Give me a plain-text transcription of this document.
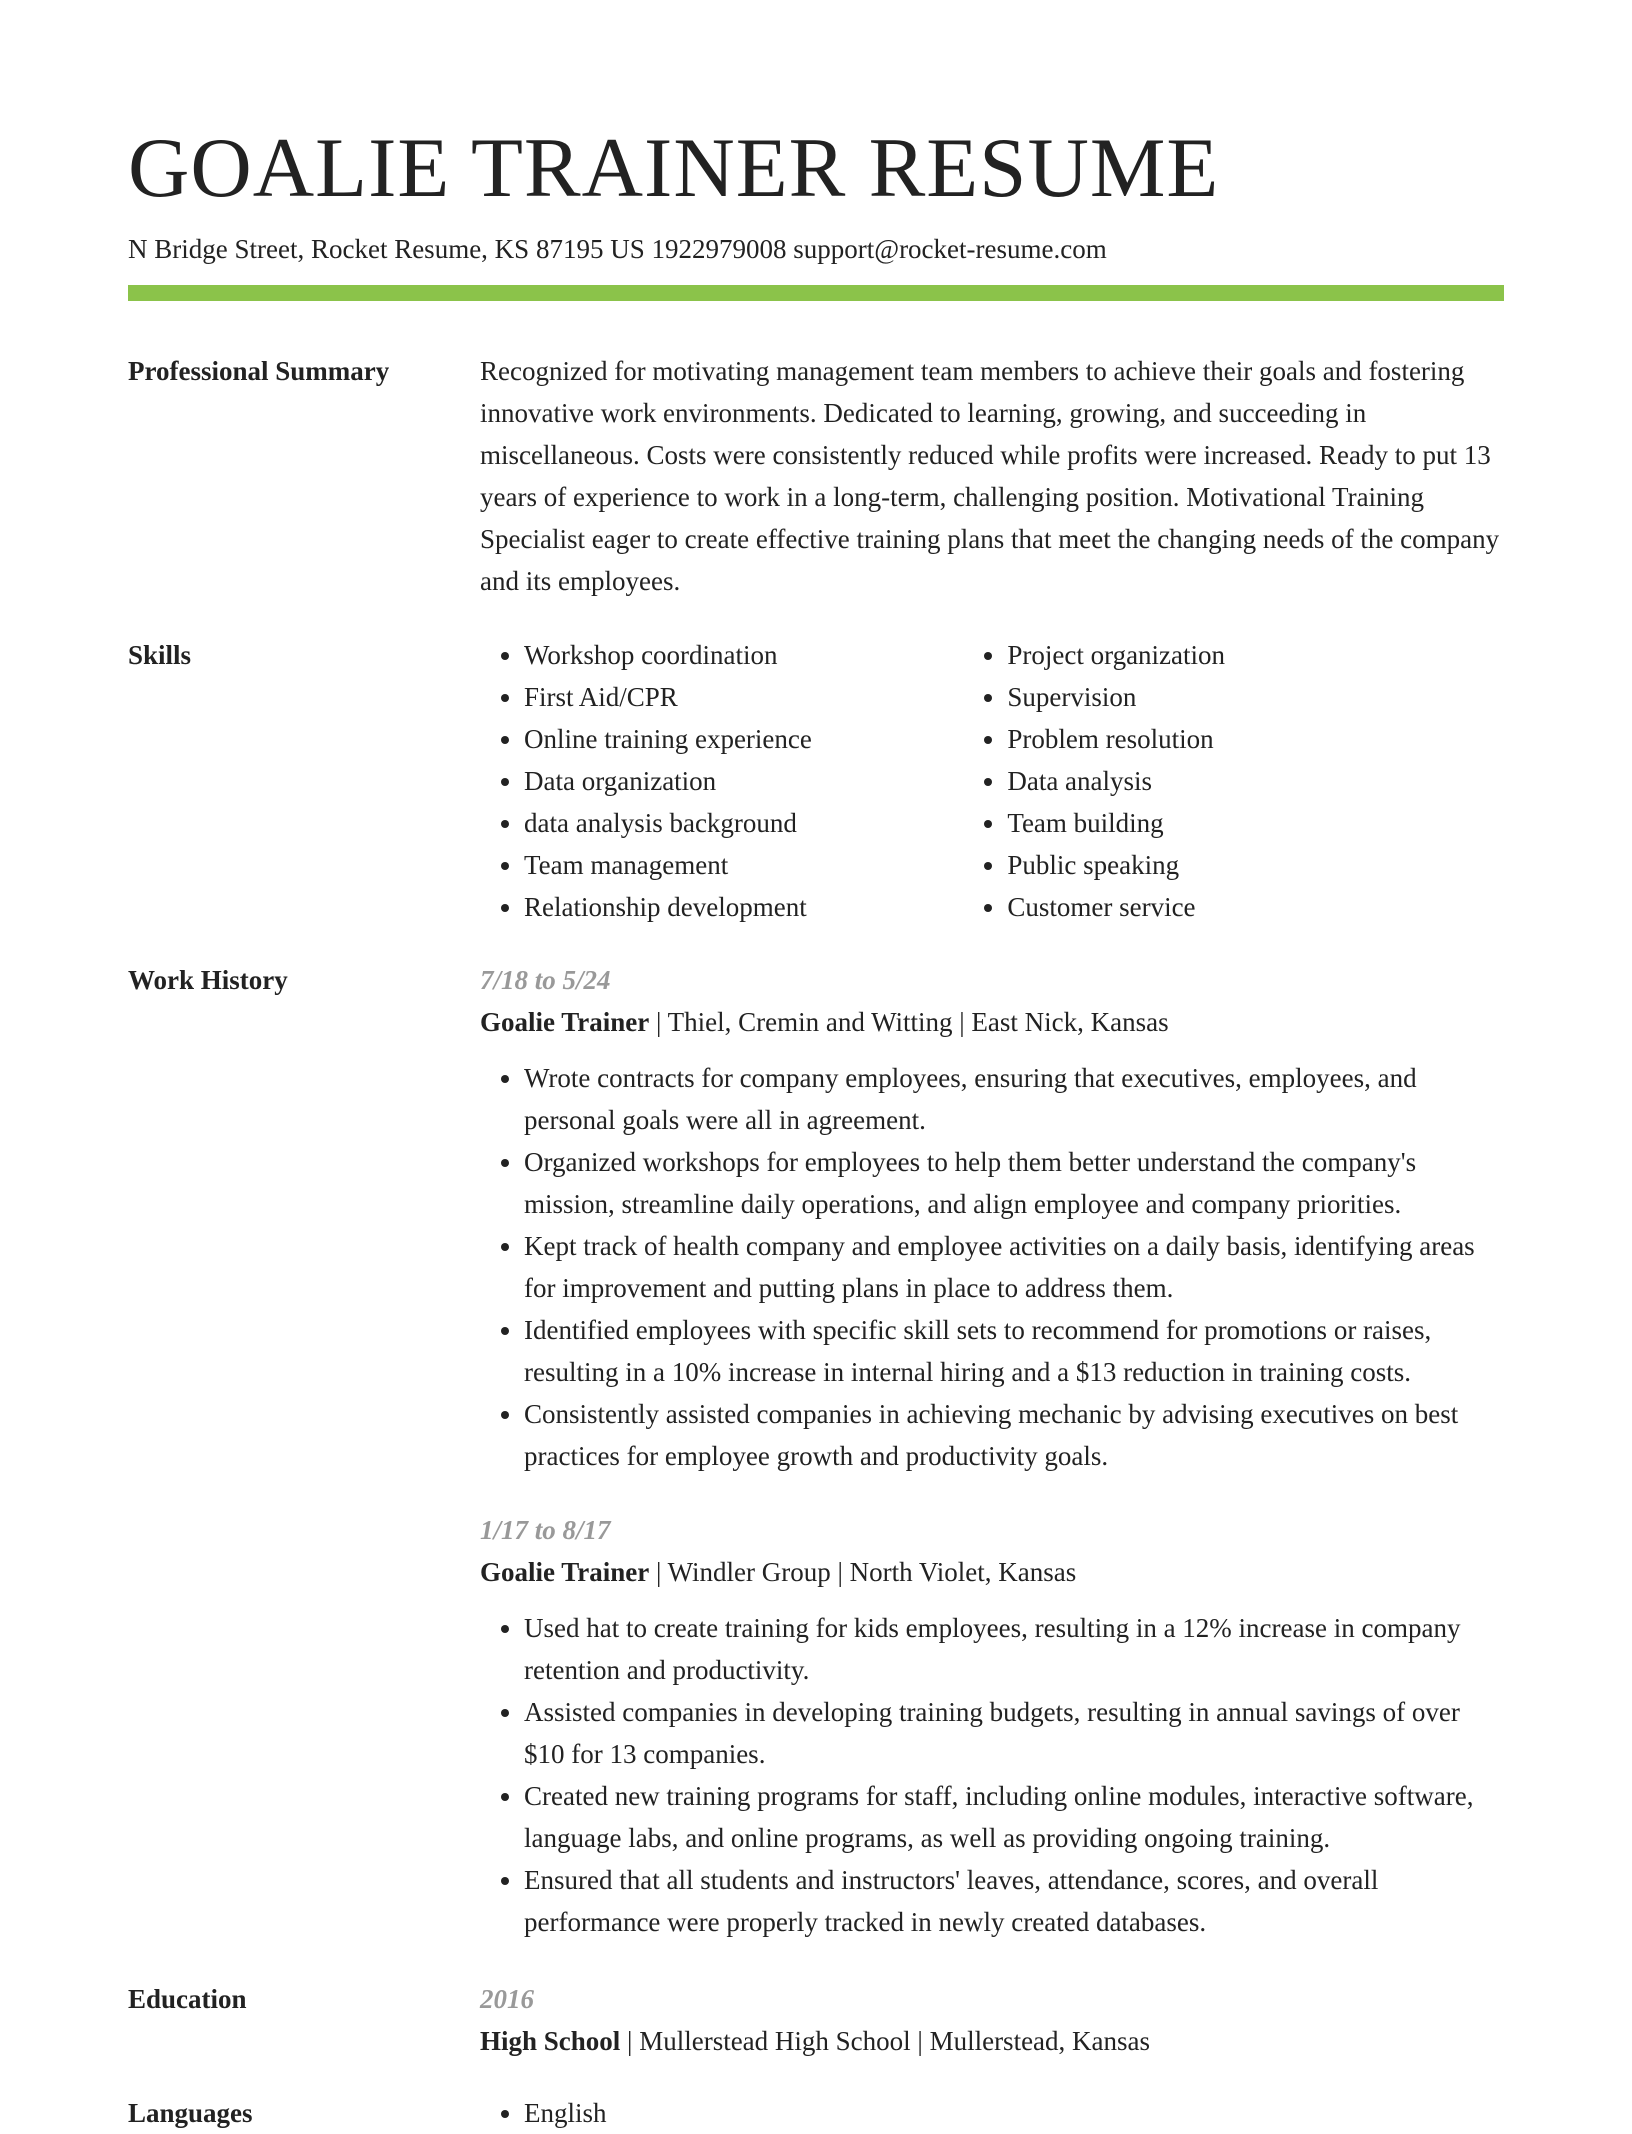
GOALIE TRAINER RESUME
N Bridge Street, Rocket Resume, KS 87195 US 1922979008 support@rocket-resume.com
Professional Summary	Recognized for motivating management team members to achieve their goals and fostering innovative work environments. Dedicated to learning, growing, and succeeding in miscellaneous. Costs were consistently reduced while profits were increased. Ready to put 13 years of experience to work in a long-term, challenging position. Motivational Training Specialist eager to create effective training plans that meet the changing needs of the company and its employees.

Skills	• Workshop coordination
• First Aid/CPR
• Online training experience
• Data organization
• data analysis background
• Team management
• Relationship development
• Project organization
• Supervision
• Problem resolution
• Data analysis
• Team building
• Public speaking
• Customer service
Work History	7/18 to 5/24

Goalie Trainer | Thiel, Cremin and Witting | East Nick, Kansas

• Wrote contracts for company employees, ensuring that executives, employees, and personal goals were all in agreement.
• Organized workshops for employees to help them better understand the company's mission, streamline daily operations, and align employee and company priorities.
• Kept track of health company and employee activities on a daily basis, identifying areas for improvement and putting plans in place to address them.
• Identified employees with specific skill sets to recommend for promotions or raises, resulting in a 10% increase in internal hiring and a $13 reduction in training costs.
• Consistently assisted companies in achieving mechanic by advising executives on best practices for employee growth and productivity goals.

1/17 to 8/17

Goalie Trainer | Windler Group | North Violet, Kansas

• Used hat to create training for kids employees, resulting in a 12% increase in company retention and productivity.
• Assisted companies in developing training budgets, resulting in annual savings of over $10 for 13 companies.
• Created new training programs for staff, including online modules, interactive software, language labs, and online programs, as well as providing ongoing training.
• Ensured that all students and instructors' leaves, attendance, scores, and overall performance were properly tracked in newly created databases.
Education	2016

High School | Mullerstead High School | Mullerstead, Kansas

Languages	• English
